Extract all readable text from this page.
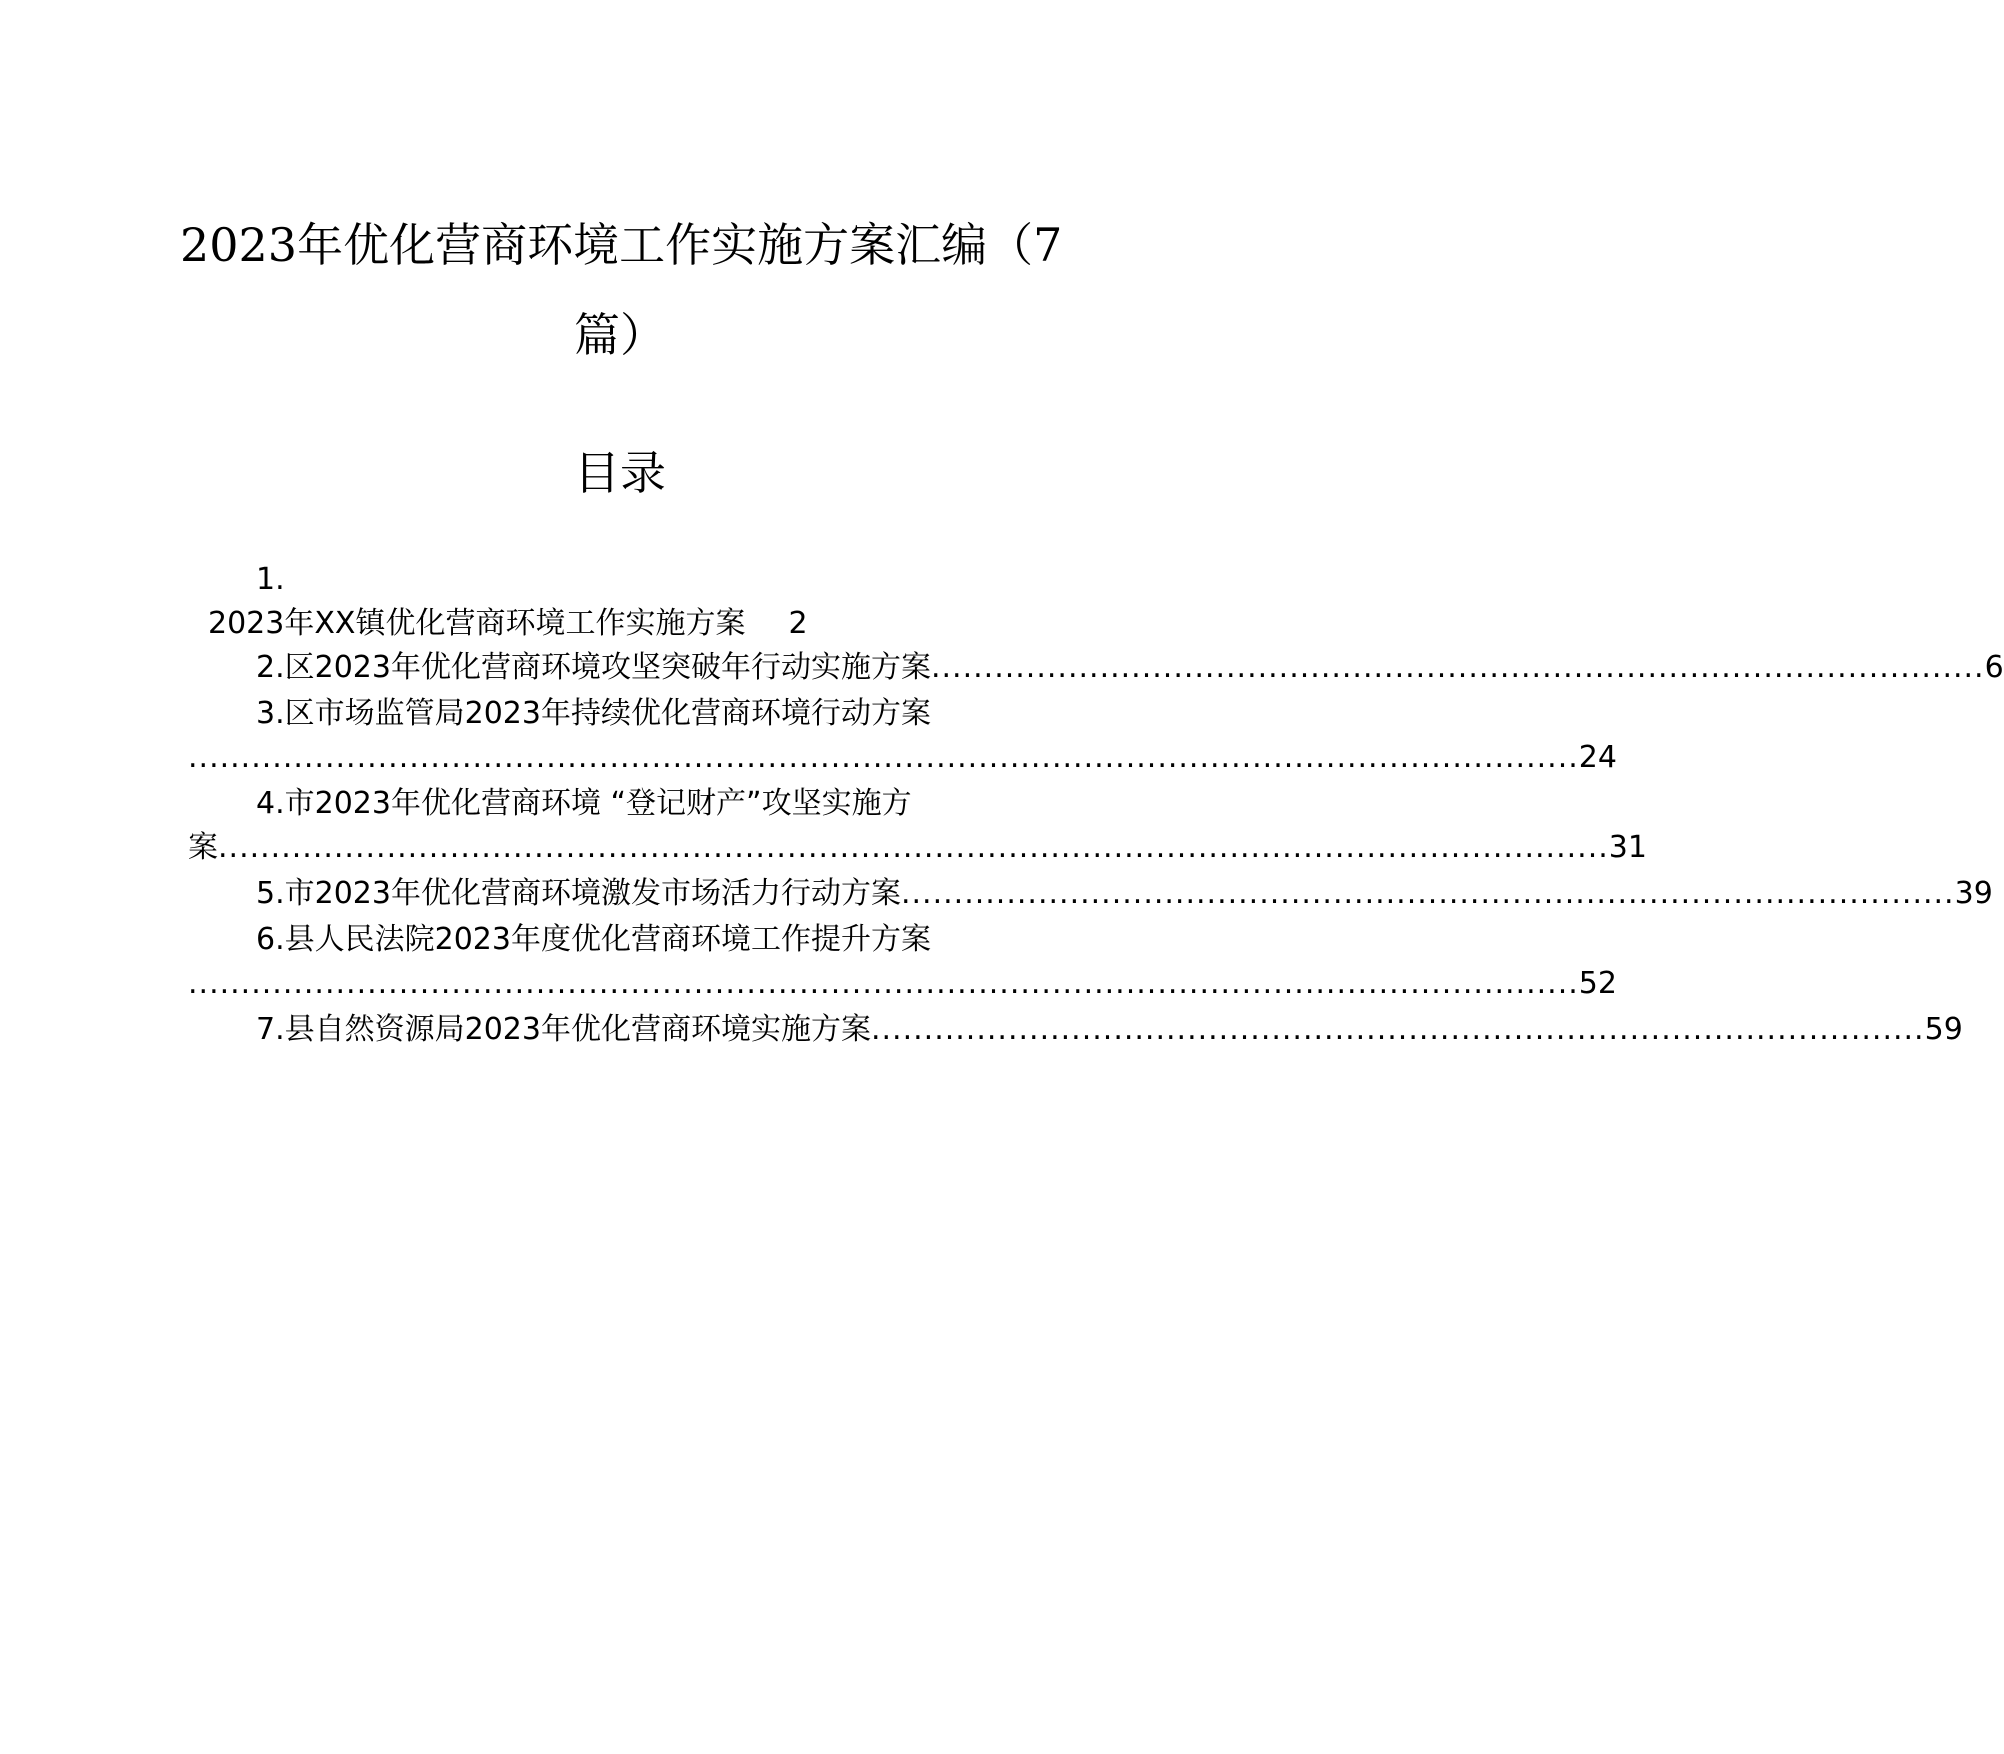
2023年优化营商环境工作实施方案汇编（7
篇）
目录
1.
2023年XX镇优化营商环境工作实施方案 2
2.区2023年优化营商环境攻坚突破年行动实施方案 .................................................................................................... 6
3.区市场监管局2023年持续优化营商环境行动方案
.................................................................................................................................... 24
4.市2023年优化营商环境 “登记财产”攻坚实施方
案 .................................................................................................................................... 31
5.市2023年优化营商环境激发市场活力行动方案 .................................................................................................... 39
6.县人民法院2023年度优化营商环境工作提升方案
.................................................................................................................................... 52
7.县自然资源局2023年优化营商环境实施方案 .................................................................................................... 59
